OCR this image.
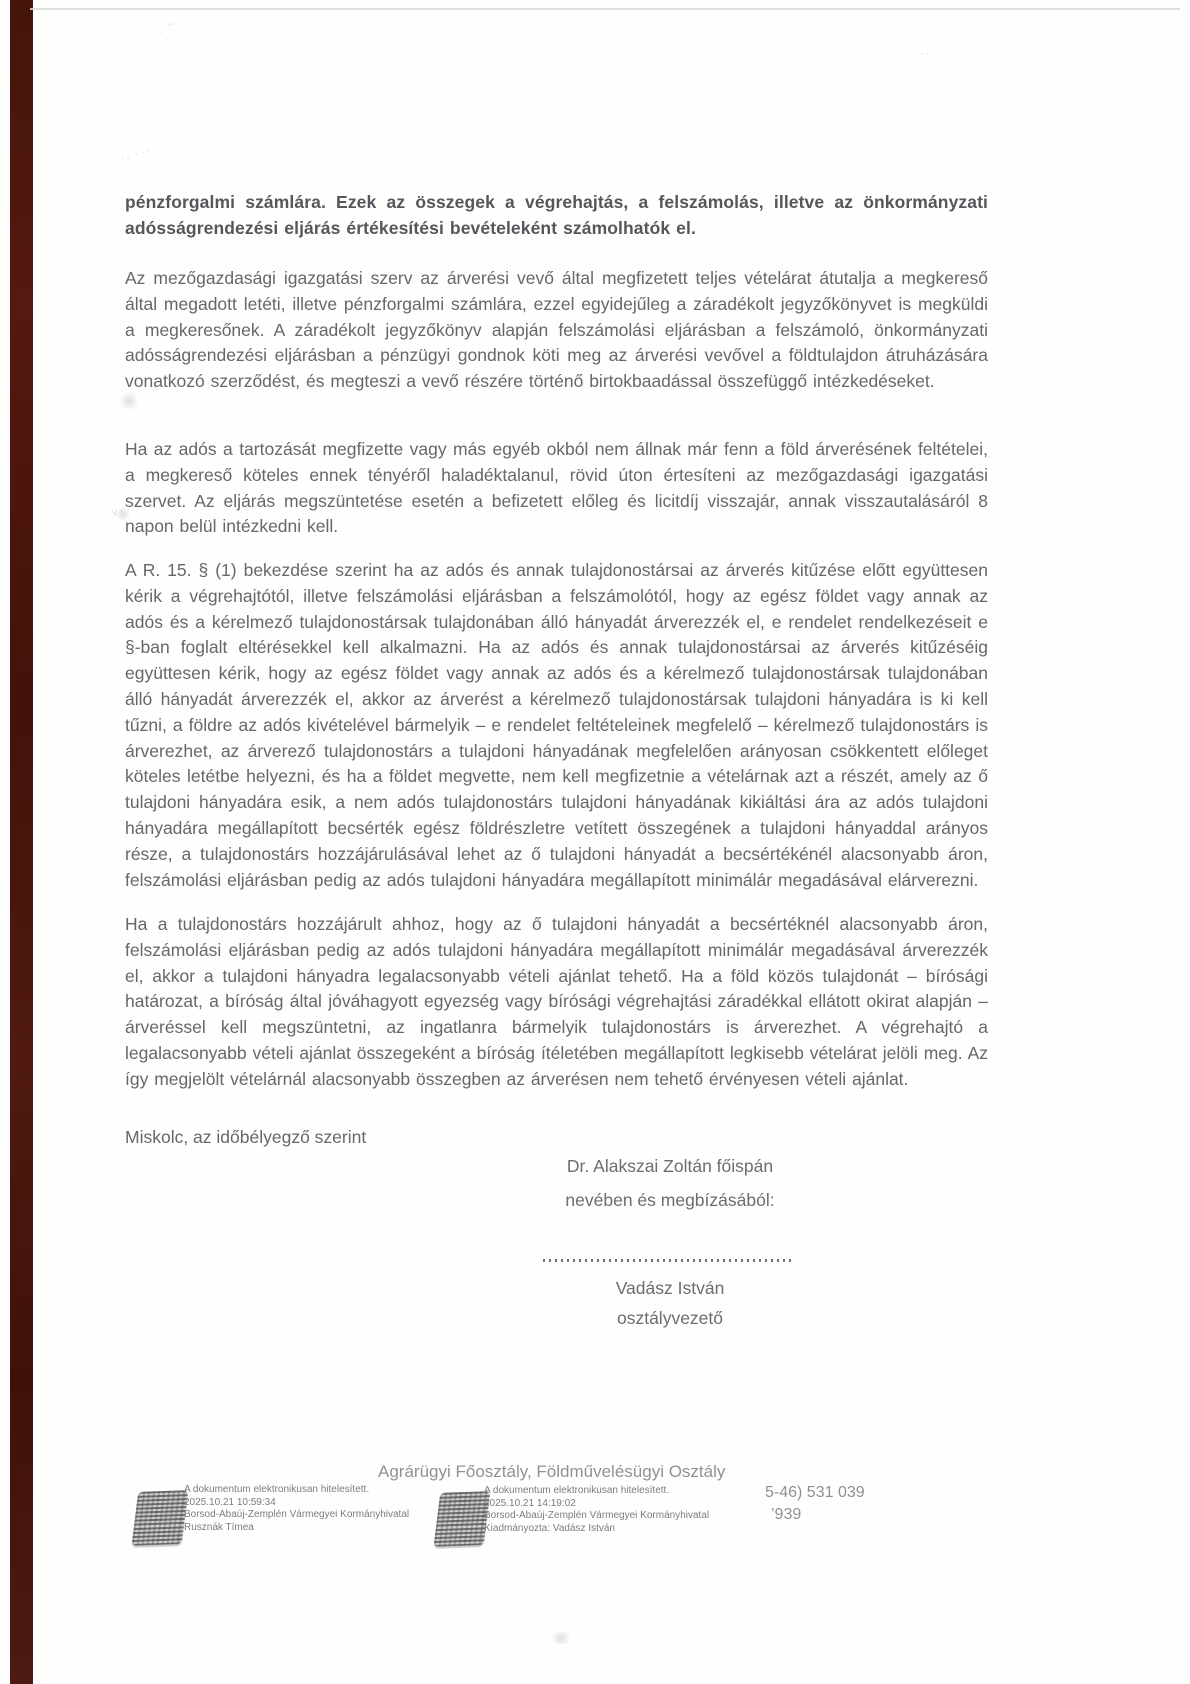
pénzforgalmi számlára. Ezek az összegek a végrehajtás, a felszámolás, illetve az önkormányzati adósságrendezési eljárás értékesítési bevételeként számolhatók el.
Az mezőgazdasági igazgatási szerv az árverési vevő által megfizetett teljes vételárat átutalja a megkereső által megadott letéti, illetve pénzforgalmi számlára, ezzel egyidejűleg a záradékolt jegyzőkönyvet is megküldi a megkeresőnek. A záradékolt jegyzőkönyv alapján felszámolási eljárásban a felszámoló, önkormányzati adósságrendezési eljárásban a pénzügyi gondnok köti meg az árverési vevővel a földtulajdon átruházására vonatkozó szerződést, és megteszi a vevő részére történő birtokbaadással összefüggő intézkedéseket.
Ha az adós a tartozását megfizette vagy más egyéb okból nem állnak már fenn a föld árverésének feltételei, a megkereső köteles ennek tényéről haladéktalanul, rövid úton értesíteni az mezőgazdasági igazgatási szervet. Az eljárás megszüntetése esetén a befizetett előleg és licitdíj visszajár, annak visszautalásáról 8 napon belül intézkedni kell.
A R. 15. § (1) bekezdése szerint ha az adós és annak tulajdonostársai az árverés kitűzése előtt együttesen kérik a végrehajtótól, illetve felszámolási eljárásban a felszámolótól, hogy az egész földet vagy annak az adós és a kérelmező tulajdonostársak tulajdonában álló hányadát árverezzék el, e rendelet rendelkezéseit e §-ban foglalt eltérésekkel kell alkalmazni. Ha az adós és annak tulajdonostársai az árverés kitűzéséig együttesen kérik, hogy az egész földet vagy annak az adós és a kérelmező tulajdonostársak tulajdonában álló hányadát árverezzék el, akkor az árverést a kérelmező tulajdonostársak tulajdoni hányadára is ki kell tűzni, a földre az adós kivételével bármelyik – e rendelet feltételeinek megfelelő – kérelmező tulajdonostárs is árverezhet, az árverező tulajdonostárs a tulajdoni hányadának megfelelően arányosan csökkentett előleget köteles letétbe helyezni, és ha a földet megvette, nem kell megfizetnie a vételárnak azt a részét, amely az ő tulajdoni hányadára esik, a nem adós tulajdonostárs tulajdoni hányadának kikiáltási ára az adós tulajdoni hányadára megállapított becsérték egész földrészletre vetített összegének a tulajdoni hányaddal arányos része, a tulajdonostárs hozzájárulásával lehet az ő tulajdoni hányadát a becsértékénél alacsonyabb áron, felszámolási eljárásban pedig az adós tulajdoni hányadára megállapított minimálár megadásával elárverezni.
Ha a tulajdonostárs hozzájárult ahhoz, hogy az ő tulajdoni hányadát a becsértéknél alacsonyabb áron, felszámolási eljárásban pedig az adós tulajdoni hányadára megállapított minimálár megadásával árverezzék el, akkor a tulajdoni hányadra legalacsonyabb vételi ajánlat tehető. Ha a föld közös tulajdonát – bírósági határozat, a bíróság által jóváhagyott egyezség vagy bírósági végrehajtási záradékkal ellátott okirat alapján – árveréssel kell megszüntetni, az ingatlanra bármelyik tulajdonostárs is árverezhet. A végrehajtó a legalacsonyabb vételi ajánlat összegeként a bíróság ítéletében megállapított legkisebb vételárat jelöli meg. Az így megjelölt vételárnál alacsonyabb összegben az árverésen nem tehető érvényesen vételi ajánlat.
Miskolc, az időbélyegző szerint
Dr. Alakszai Zoltán főispán
nevében és megbízásából:
Vadász István
osztályvezető
Agrárügyi Főosztály, Földművelésügyi Osztály
A dokumentum elektronikusan hitelesített.
2025.10.21 10:59:34
Borsod-Abaúj-Zemplén Vármegyei Kormányhivatal
Rusznák Tímea
A dokumentum elektronikusan hitelesített.
2025.10.21 14:19:02
Borsod-Abaúj-Zemplén Vármegyei Kormányhivatal
Kiadmányozta: Vadász István
5-46) 531 039
’939
.·''·
··
·, ···
v·
·
